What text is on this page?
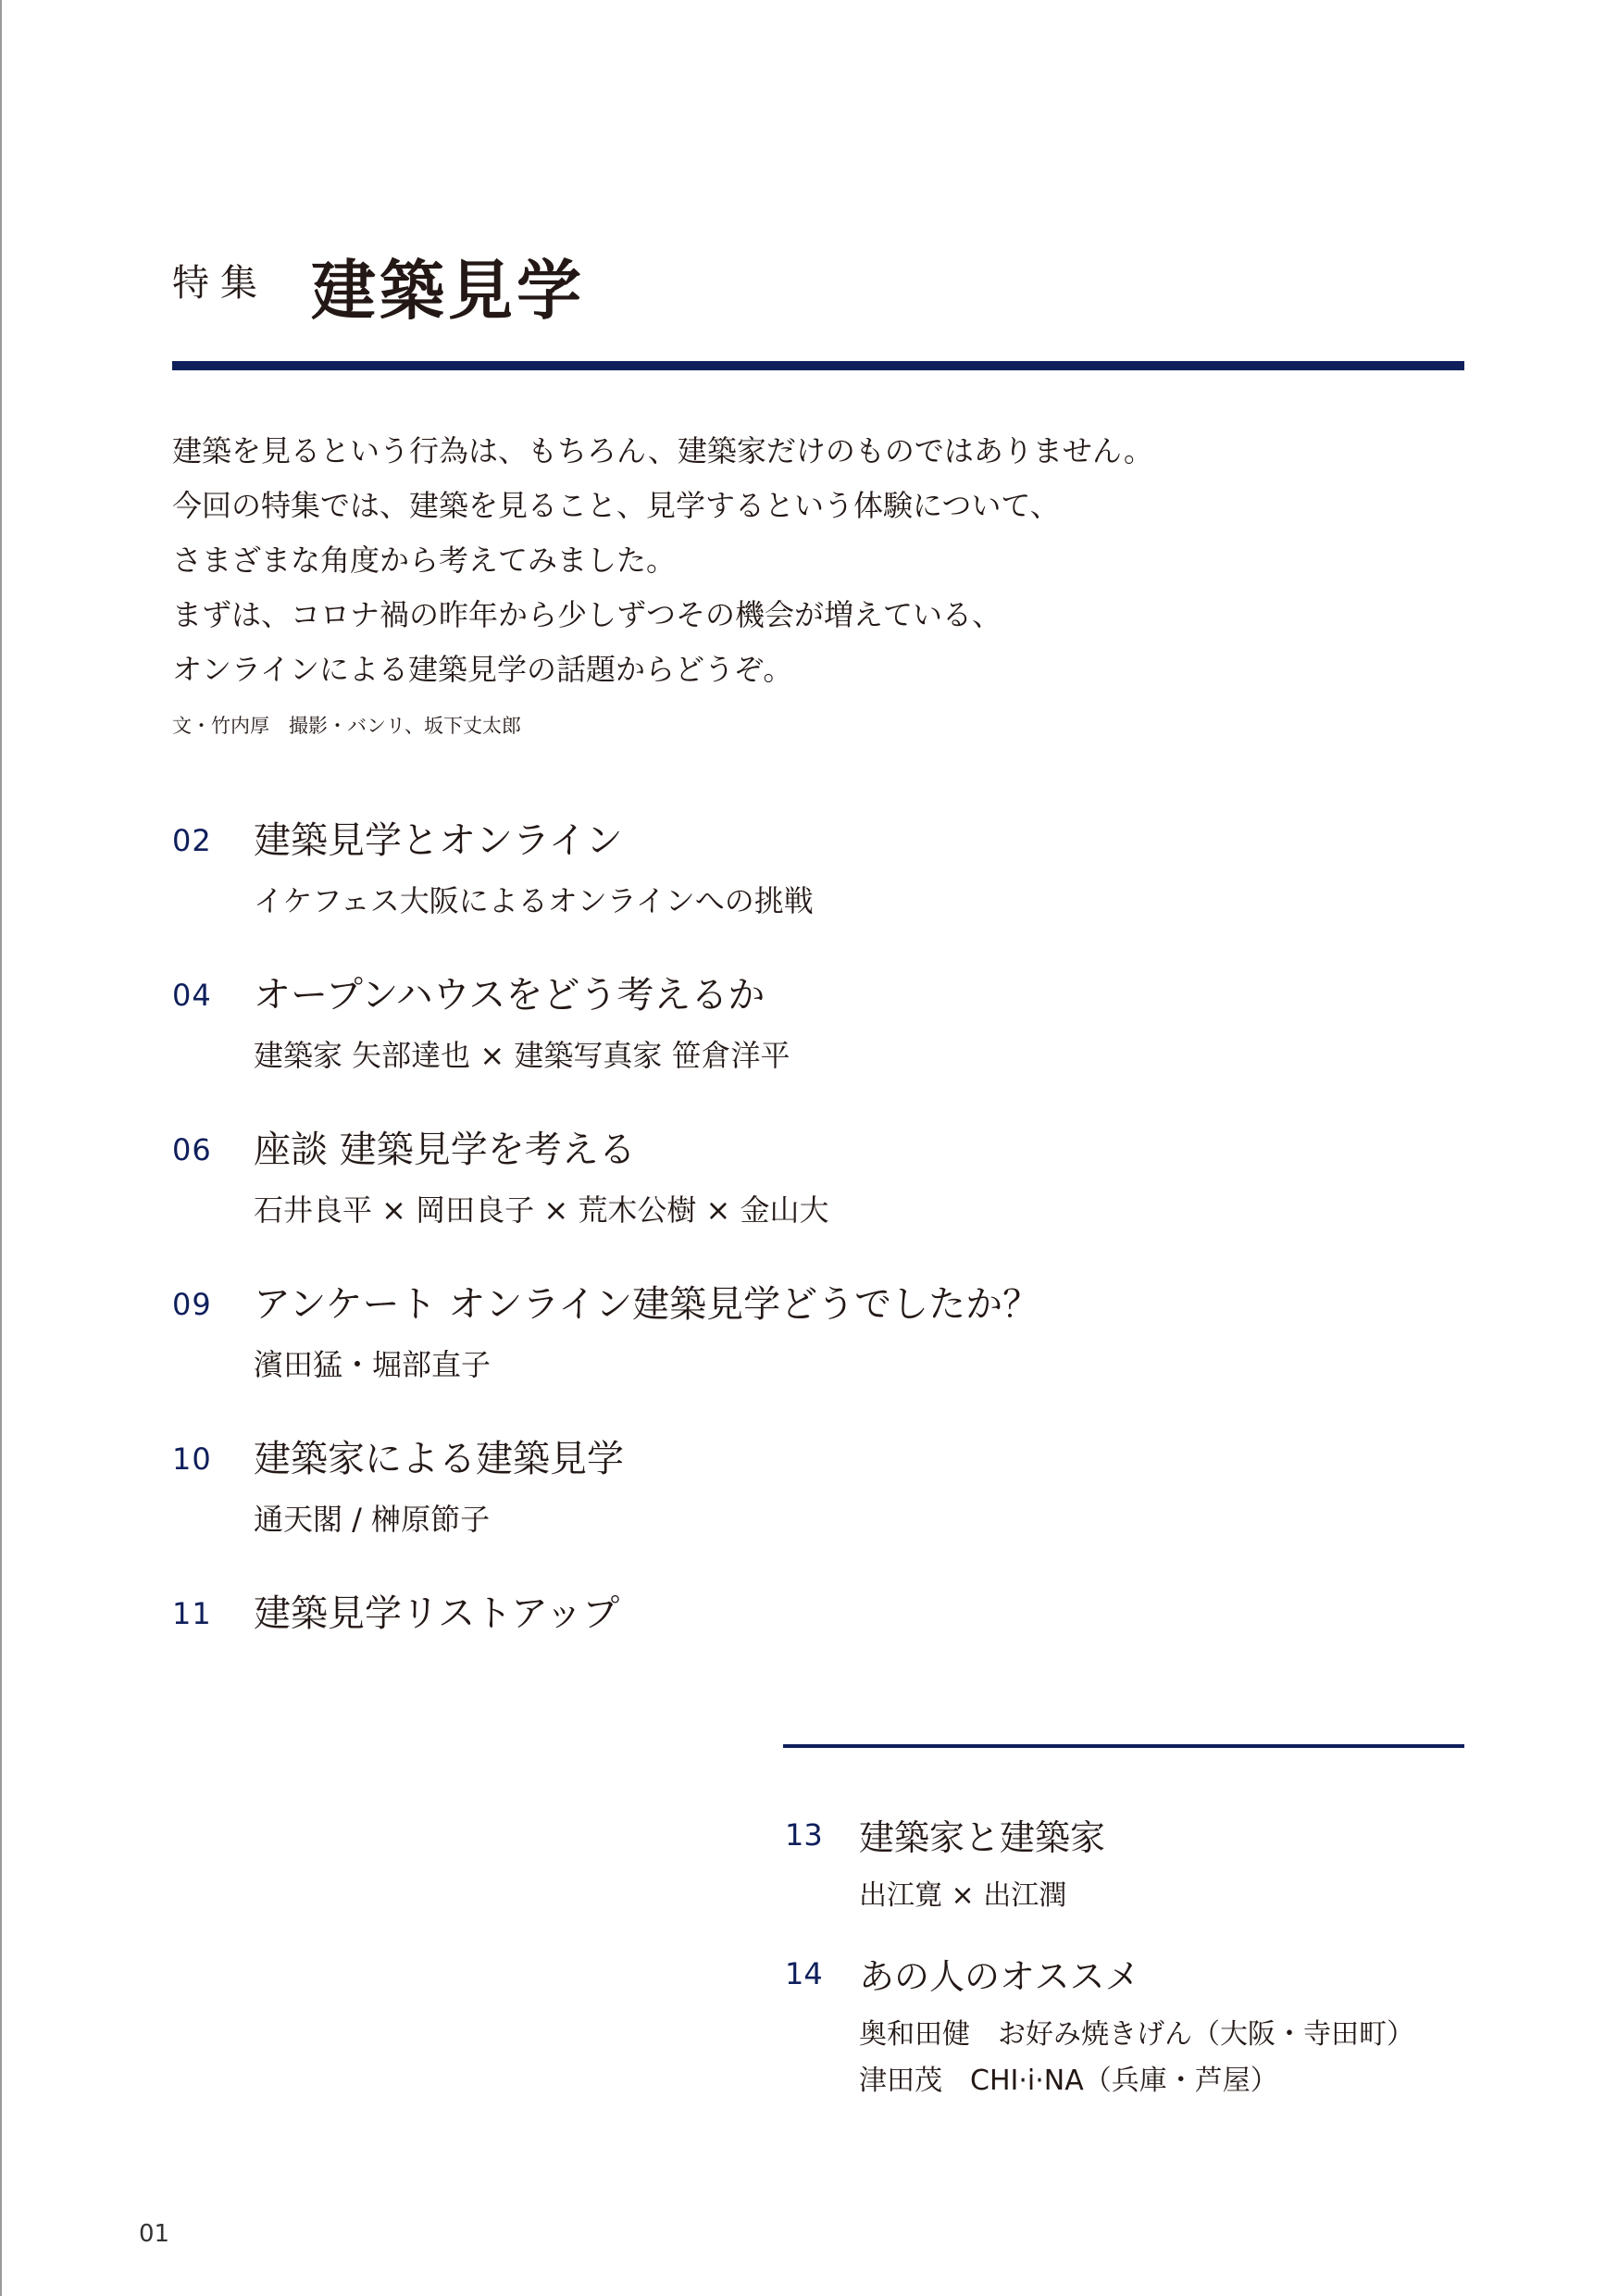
特集 建築見学

建築を見るという行為は、もちろん、建築家だけのものではありません。

今回の特集では、建築を見ること、見学するという体験について、

さまざまな角度から考えてみました。

まずは、コロナ禍の昨年から少しずつその機会が増えている、

オンラインによる建築見学の話題からどうぞ。

文・竹内厚　撮影・バンリ、坂下丈太郎
02 建築見学とオンライン
イケフェス大阪によるオンラインへの挑戦
04 オープンハウスをどう考えるか
建築家 矢部達也 × 建築写真家 笹倉洋平
06 座談 建築見学を考える
石井良平 × 岡田良子 × 荒木公樹 × 金山大
09 アンケート オンライン建築見学どうでしたか？
濱田猛・堀部直子
10 建築家による建築見学
通天閣 / 榊原節子
11 建築見学リストアップ
13 建築家と建築家
出江寛 × 出江潤
14 あの人のオススメ
奥和田健　お好み焼きげん（大阪・寺田町）
津田茂　CHI·i·NA（兵庫・芦屋）
01
